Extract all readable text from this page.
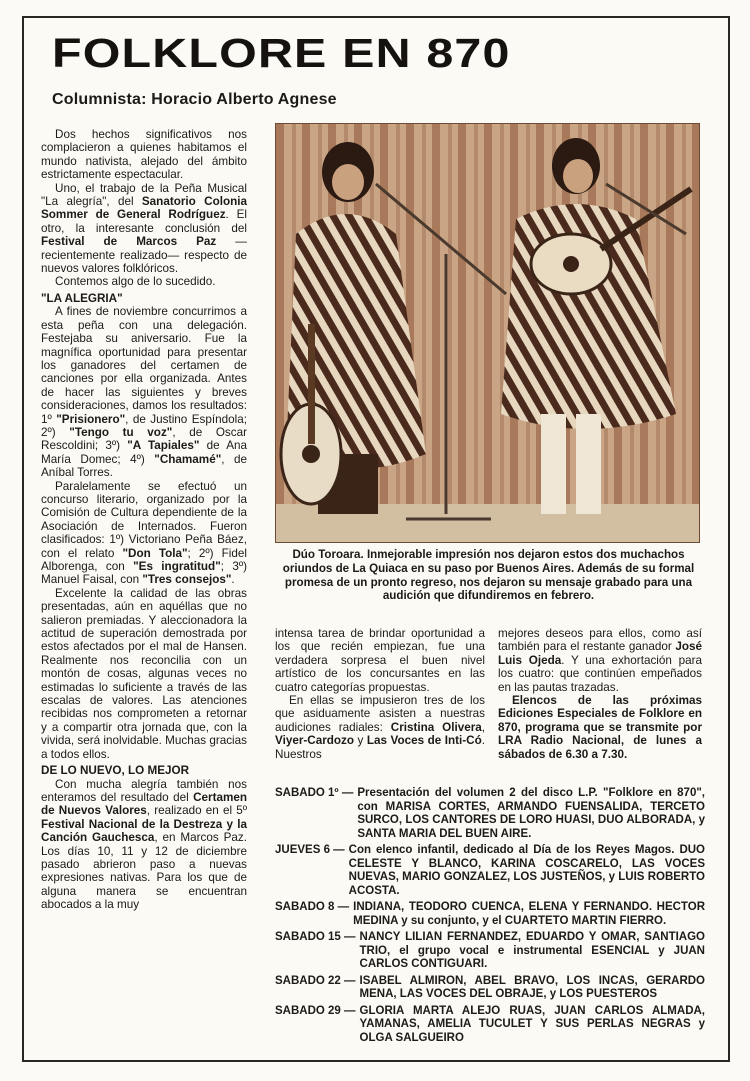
FOLKLORE EN 870
Columnista: Horacio Alberto Agnese

Dos hechos significativos nos complacieron a quienes habitamos el mundo nativista, alejado del ámbito estrictamente espectacular.

Uno, el trabajo de la Peña Musical "La alegría", del Sanatorio Colonia Sommer de General Rodríguez. El otro, la interesante conclusión del Festival de Marcos Paz —recientemente realizado— respecto de nuevos valores folklóricos.

Contemos algo de lo sucedido.

"LA ALEGRIA"

A fines de noviembre concurrimos a esta peña con una delegación. Festejaba su aniversario. Fue la magnífica oportunidad para presentar los ganadores del certamen de canciones por ella organizada. Antes de hacer las siguientes y breves consideraciones, damos los resultados: 1º "Prisionero", de Justino Espíndola; 2º) "Tengo tu voz", de Oscar Rescoldini; 3º) "A Tapiales" de Ana María Domec; 4º) "Chamamé", de Aníbal Torres.

Paralelamente se efectuó un concurso literario, organizado por la Comisión de Cultura dependiente de la Asociación de Internados. Fueron clasificados: 1º) Victoriano Peña Báez, con el relato "Don Tola"; 2º) Fidel Alborenga, con "Es ingratitud"; 3º) Manuel Faisal, con "Tres consejos".

Excelente la calidad de las obras presentadas, aún en aquéllas que no salieron premiadas. Y aleccionadora la actitud de superación demostrada por estos afectados por el mal de Hansen. Realmente nos reconcilia con un montón de cosas, algunas veces no estimadas lo suficiente a través de las escalas de valores. Las atenciones recibidas nos comprometen a retornar y a compartir otra jornada que, con la vivida, será inolvidable. Muchas gracias a todos ellos.

DE LO NUEVO, LO MEJOR

Con mucha alegría también nos enteramos del resultado del Certamen de Nuevos Valores, realizado en el 5º Festival Nacional de la Destreza y la Canción Gauchesca, en Marcos Paz. Los días 10, 11 y 12 de diciembre pasado abrieron paso a nuevas expresiones nativas. Para los que de alguna manera se encuentran abocados a la muy

Dúo Toroara. Inmejorable impresión nos dejaron estos dos muchachos oriundos de La Quiaca en su paso por Buenos Aires. Además de su formal promesa de un pronto regreso, nos dejaron su mensaje grabado para una audición que difundiremos en febrero.

intensa tarea de brindar oportunidad a los que recién empiezan, fue una verdadera sorpresa el buen nivel artístico de los concursantes en las cuatro categorías propuestas.

En ellas se impusieron tres de los que asiduamente asisten a nuestras audiciones radiales: Cristina Olivera, Viyer-Cardozo y Las Voces de Inti-Có. Nuestros

mejores deseos para ellos, como así también para el restante ganador José Luis Ojeda. Y una exhortación para los cuatro: que continúen empeñados en las pautas trazadas.

Elencos de las próximas Ediciones Especiales de Folklore en 870, programa que se transmite por LRA Radio Nacional, de lunes a sábados de 6.30 a 7.30.

SABADO 1º — Presentación del volumen 2 del disco L.P. "Folklore en 870", con MARISA CORTES, ARMANDO FUENSALIDA, TERCETO SURCO, LOS CANTORES DE LORO HUASI, DUO ALBORADA, y SANTA MARIA DEL BUEN AIRE.
JUEVES 6 — Con elenco infantil, dedicado al Día de los Reyes Magos. DUO CELESTE Y BLANCO, KARINA COSCARELO, LAS VOCES NUEVAS, MARIO GONZALEZ, LOS JUSTEÑOS, y LUIS ROBERTO ACOSTA.
SABADO 8 — INDIANA, TEODORO CUENCA, ELENA Y FERNANDO. HECTOR MEDINA y su conjunto, y el CUARTETO MARTIN FIERRO.
SABADO 15 — NANCY LILIAN FERNANDEZ, EDUARDO Y OMAR, SANTIAGO TRIO, el grupo vocal e instrumental ESENCIAL y JUAN CARLOS CONTIGUARI.
SABADO 22 — ISABEL ALMIRON, ABEL BRAVO, LOS INCAS, GERARDO MENA, LAS VOCES DEL OBRAJE, y LOS PUESTEROS
SABADO 29 — GLORIA MARTA ALEJO RUAS, JUAN CARLOS ALMADA, YAMANAS, AMELIA TUCULET Y SUS PERLAS NEGRAS y OLGA SALGUEIRO
